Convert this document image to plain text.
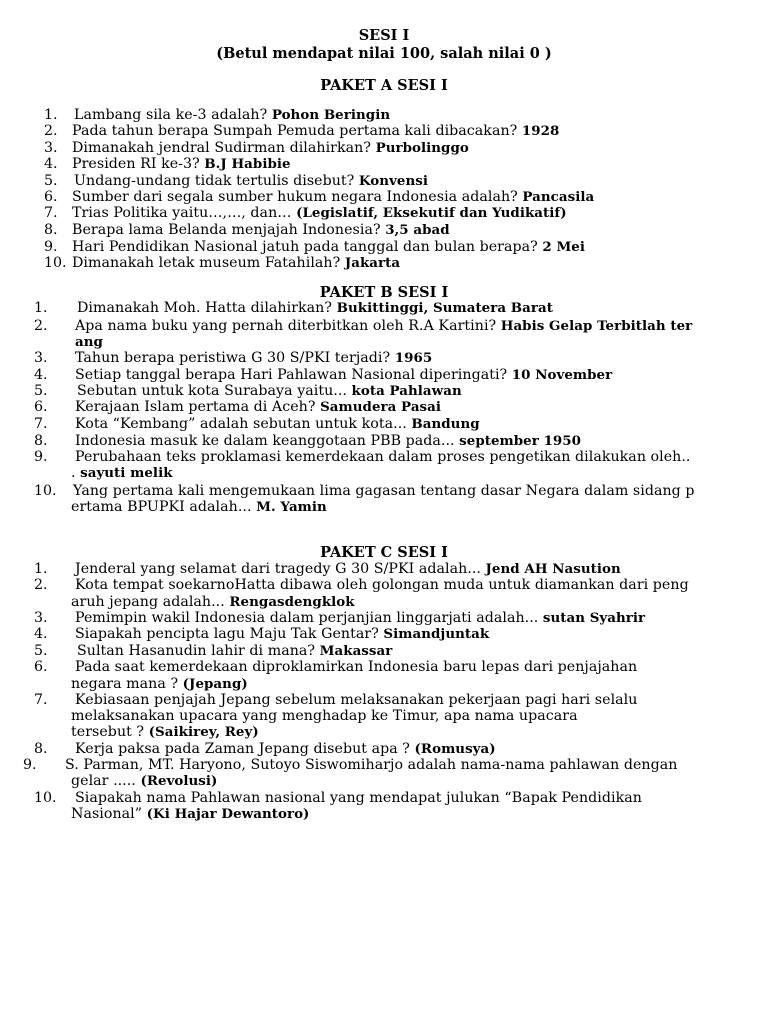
SESI I
(Betul mendapat nilai 100, salah nilai 0 )
PAKET A SESI I
1. Lambang sila ke-3 adalah? Pohon Beringin
2. Pada tahun berapa Sumpah Pemuda pertama kali dibacakan? 1928
3. Dimanakah jendral Sudirman dilahirkan? Purbolinggo
4. Presiden RI ke-3? B.J Habibie
5. Undang-undang tidak tertulis disebut? Konvensi
6. Sumber dari segala sumber hukum negara Indonesia adalah? Pancasila
7. Trias Politika yaitu…,…, dan… (Legislatif, Eksekutif dan Yudikatif)
8. Berapa lama Belanda menjajah Indonesia? 3,5 abad
9. Hari Pendidikan Nasional jatuh pada tanggal dan bulan berapa? 2 Mei
10. Dimanakah letak museum Fatahilah? Jakarta
PAKET B SESI I
1. Dimanakah Moh. Hatta dilahirkan? Bukittinggi, Sumatera Barat
2. Apa nama buku yang pernah diterbitkan oleh R.A Kartini? Habis Gelap Terbitlah ter
ang
3. Tahun berapa peristiwa G 30 S/PKI terjadi? 1965
4. Setiap tanggal berapa Hari Pahlawan Nasional diperingati? 10 November
5. Sebutan untuk kota Surabaya yaitu... kota Pahlawan
6. Kerajaan Islam pertama di Aceh? Samudera Pasai
7. Kota “Kembang” adalah sebutan untuk kota... Bandung
8. Indonesia masuk ke dalam keanggotaan PBB pada... september 1950
9. Perubahaan teks proklamasi kemerdekaan dalam proses pengetikan dilakukan oleh..
. sayuti melik
10. Yang pertama kali mengemukaan lima gagasan tentang dasar Negara dalam sidang p
ertama BPUPKI adalah... M. Yamin
PAKET C SESI I
1. Jenderal yang selamat dari tragedy G 30 S/PKI adalah... Jend AH Nasution
2. Kota tempat soekarnoHatta dibawa oleh golongan muda untuk diamankan dari peng
aruh jepang adalah... Rengasdengklok
3. Pemimpin wakil Indonesia dalam perjanjian linggarjati adalah... sutan Syahrir
4. Siapakah pencipta lagu Maju Tak Gentar? Simandjuntak
5. Sultan Hasanudin lahir di mana? Makassar
6. Pada saat kemerdekaan diproklamirkan Indonesia baru lepas dari penjajahan
negara mana ? (Jepang)
7. Kebiasaan penjajah Jepang sebelum melaksanakan pekerjaan pagi hari selalu
melaksanakan upacara yang menghadap ke Timur, apa nama upacara
tersebut ? (Saikirey, Rey)
8. Kerja paksa pada Zaman Jepang disebut apa ? (Romusya)
9. S. Parman, MT. Haryono, Sutoyo Siswomiharjo adalah nama-nama pahlawan dengan
gelar ..... (Revolusi)
10. Siapakah nama Pahlawan nasional yang mendapat julukan “Bapak Pendidikan
Nasional” (Ki Hajar Dewantoro)
